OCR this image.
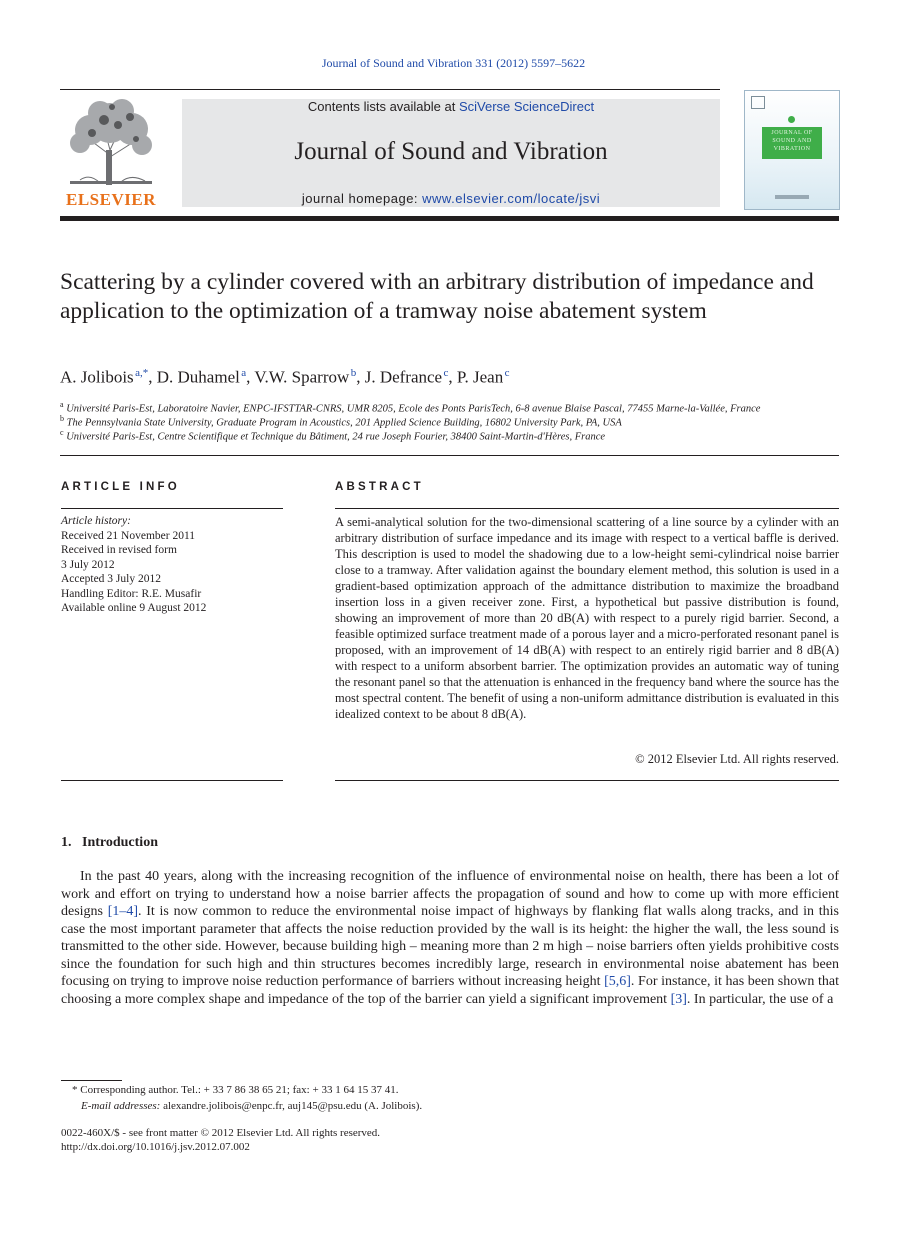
Journal of Sound and Vibration 331 (2012) 5597–5622
ELSEVIER
Contents lists available at SciVerse ScienceDirect
Journal of Sound and Vibration
journal homepage: www.elsevier.com/locate/jsvi
JOURNAL OF SOUND AND VIBRATION
Scattering by a cylinder covered with an arbitrary distribution of impedance and application to the optimization of a tramway noise abatement system
A. Jolibois $^{a,*}$, D. Duhamel $^a$, V.W. Sparrow $^b$, J. Defrance $^c$, P. Jean $^c$
$^a$ Université Paris-Est, Laboratoire Navier, ENPC-IFSTTAR-CNRS, UMR 8205, Ecole des Ponts ParisTech, 6-8 avenue Blaise Pascal, 77455 Marne-la-Vallée, France
$^b$ The Pennsylvania State University, Graduate Program in Acoustics, 201 Applied Science Building, 16802 University Park, PA, USA
$^c$ Université Paris-Est, Centre Scientifique et Technique du Bâtiment, 24 rue Joseph Fourier, 38400 Saint-Martin-d'Hères, France
ARTICLE INFO
Article history:
Received 21 November 2011
Received in revised form
3 July 2012
Accepted 3 July 2012
Handling Editor: R.E. Musafir
Available online 9 August 2012
ABSTRACT
A semi-analytical solution for the two-dimensional scattering of a line source by a cylinder with an arbitrary distribution of surface impedance and its image with respect to a vertical baffle is derived. This description is used to model the shadowing due to a low-height semi-cylindrical noise barrier close to a tramway. After validation against the boundary element method, this solution is used in a gradient-based optimization approach of the admittance distribution to maximize the broadband insertion loss in a given receiver zone. First, a hypothetical but passive distribution is found, showing an improvement of more than 20 dB(A) with respect to a purely rigid barrier. Second, a feasible optimized surface treatment made of a porous layer and a micro-perforated resonant panel is proposed, with an improvement of 14 dB(A) with respect to an entirely rigid barrier and 8 dB(A) with respect to a uniform absorbent barrier. The optimization provides an automatic way of tuning the resonant panel so that the attenuation is enhanced in the frequency band where the source has the most spectral content. The benefit of using a non-uniform admittance distribution is evaluated in this idealized context to be about 8 dB(A).
© 2012 Elsevier Ltd. All rights reserved.
1.   Introduction
In the past 40 years, along with the increasing recognition of the influence of environmental noise on health, there has been a lot of work and effort on trying to understand how a noise barrier affects the propagation of sound and how to come up with more efficient designs [1–4]. It is now common to reduce the environmental noise impact of highways by flanking flat walls along tracks, and in this case the most important parameter that affects the noise reduction provided by the wall is its height: the higher the wall, the less sound is transmitted to the other side. However, because building high – meaning more than 2 m high – noise barriers often yields prohibitive costs since the foundation for such high and thin structures becomes incredibly large, research in environmental noise abatement has been focusing on trying to improve noise reduction performance of barriers without increasing height [5,6]. For instance, it has been shown that choosing a more complex shape and impedance of the top of the barrier can yield a significant improvement [3]. In particular, the use of a
* Corresponding author. Tel.: + 33 7 86 38 65 21; fax: + 33 1 64 15 37 41.
E-mail addresses: alexandre.jolibois@enpc.fr, auj145@psu.edu (A. Jolibois).
0022-460X/$ - see front matter © 2012 Elsevier Ltd. All rights reserved.
http://dx.doi.org/10.1016/j.jsv.2012.07.002
